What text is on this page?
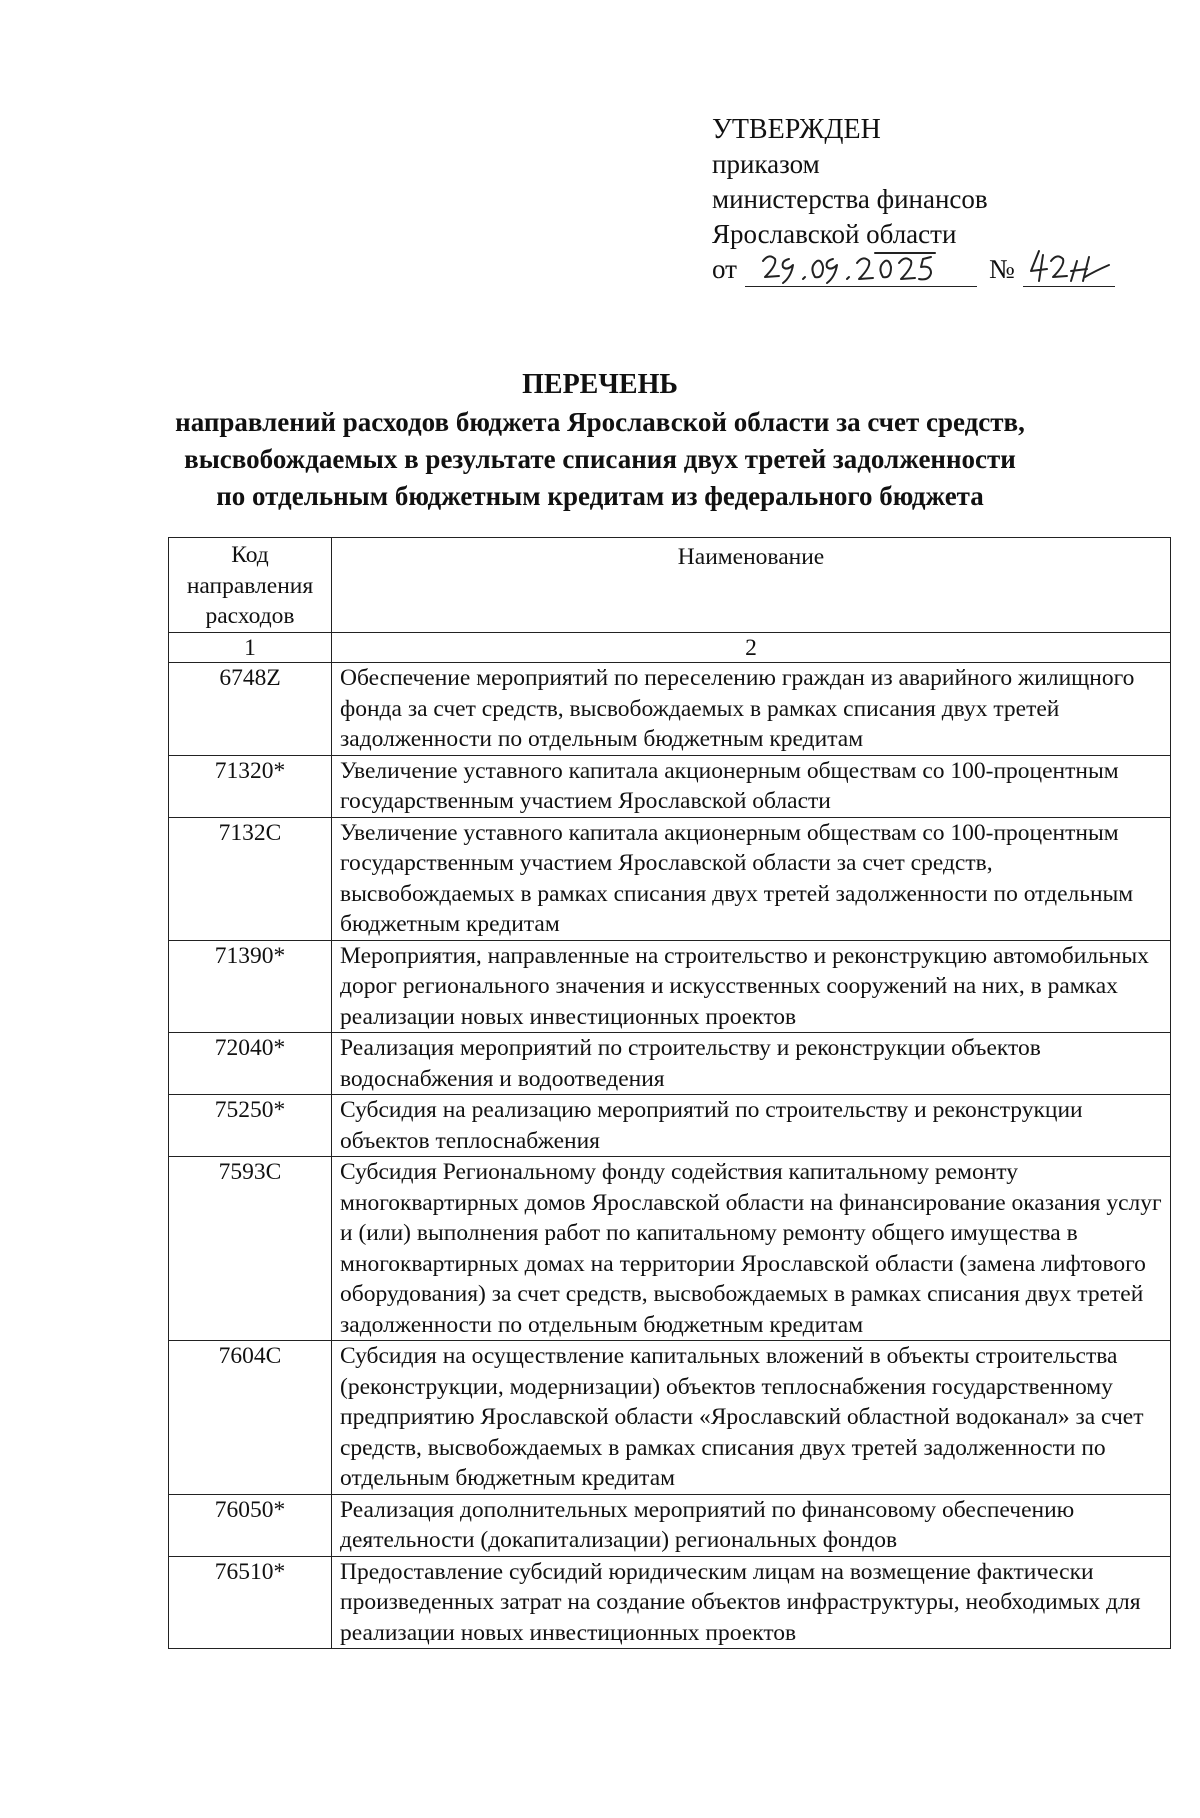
УТВЕРЖДЕН
приказом
министерства финансов
Ярославской области
от	№
ПЕРЕЧЕНЬ
направлений расходов бюджета Ярославской области за счет средств,
высвобождаемых в результате списания двух третей задолженности
по отдельным бюджетным кредитам из федерального бюджета
Код направления расходов	Наименование
1	2
6748Z	Обеспечение мероприятий по переселению граждан из аварийного жилищного фонда за счет средств, высвобождаемых в рамках списания двух третей задолженности по отдельным бюджетным кредитам
71320*	Увеличение уставного капитала акционерным обществам со 100-процентным государственным участием Ярославской области
7132С	Увеличение уставного капитала акционерным обществам со 100-процентным государственным участием Ярославской области за счет средств, высвобождаемых в рамках списания двух третей задолженности по отдельным бюджетным кредитам
71390*	Мероприятия, направленные на строительство и реконструкцию автомобильных дорог регионального значения и искусственных сооружений на них, в рамках реализации новых инвестиционных проектов
72040*	Реализация мероприятий по строительству и реконструкции объектов водоснабжения и водоотведения
75250*	Субсидия на реализацию мероприятий по строительству и реконструкции объектов теплоснабжения
7593С	Субсидия Региональному фонду содействия капитальному ремонту многоквартирных домов Ярославской области на финансирование оказания услуг и (или) выполнения работ по капитальному ремонту общего имущества в многоквартирных домах на территории Ярославской области (замена лифтового оборудования) за счет средств, высвобождаемых в рамках списания двух третей задолженности по отдельным бюджетным кредитам
7604С	Субсидия на осуществление капитальных вложений в объекты строительства (реконструкции, модернизации) объектов теплоснабжения государственному предприятию Ярославской области «Ярославский областной водоканал» за счет средств, высвобождаемых в рамках списания двух третей задолженности по отдельным бюджетным кредитам
76050*	Реализация дополнительных мероприятий по финансовому обеспечению деятельности (докапитализации) региональных фондов
76510*	Предоставление субсидий юридическим лицам на возмещение фактически произведенных затрат на создание объектов инфраструктуры, необходимых для реализации новых инвестиционных проектов
